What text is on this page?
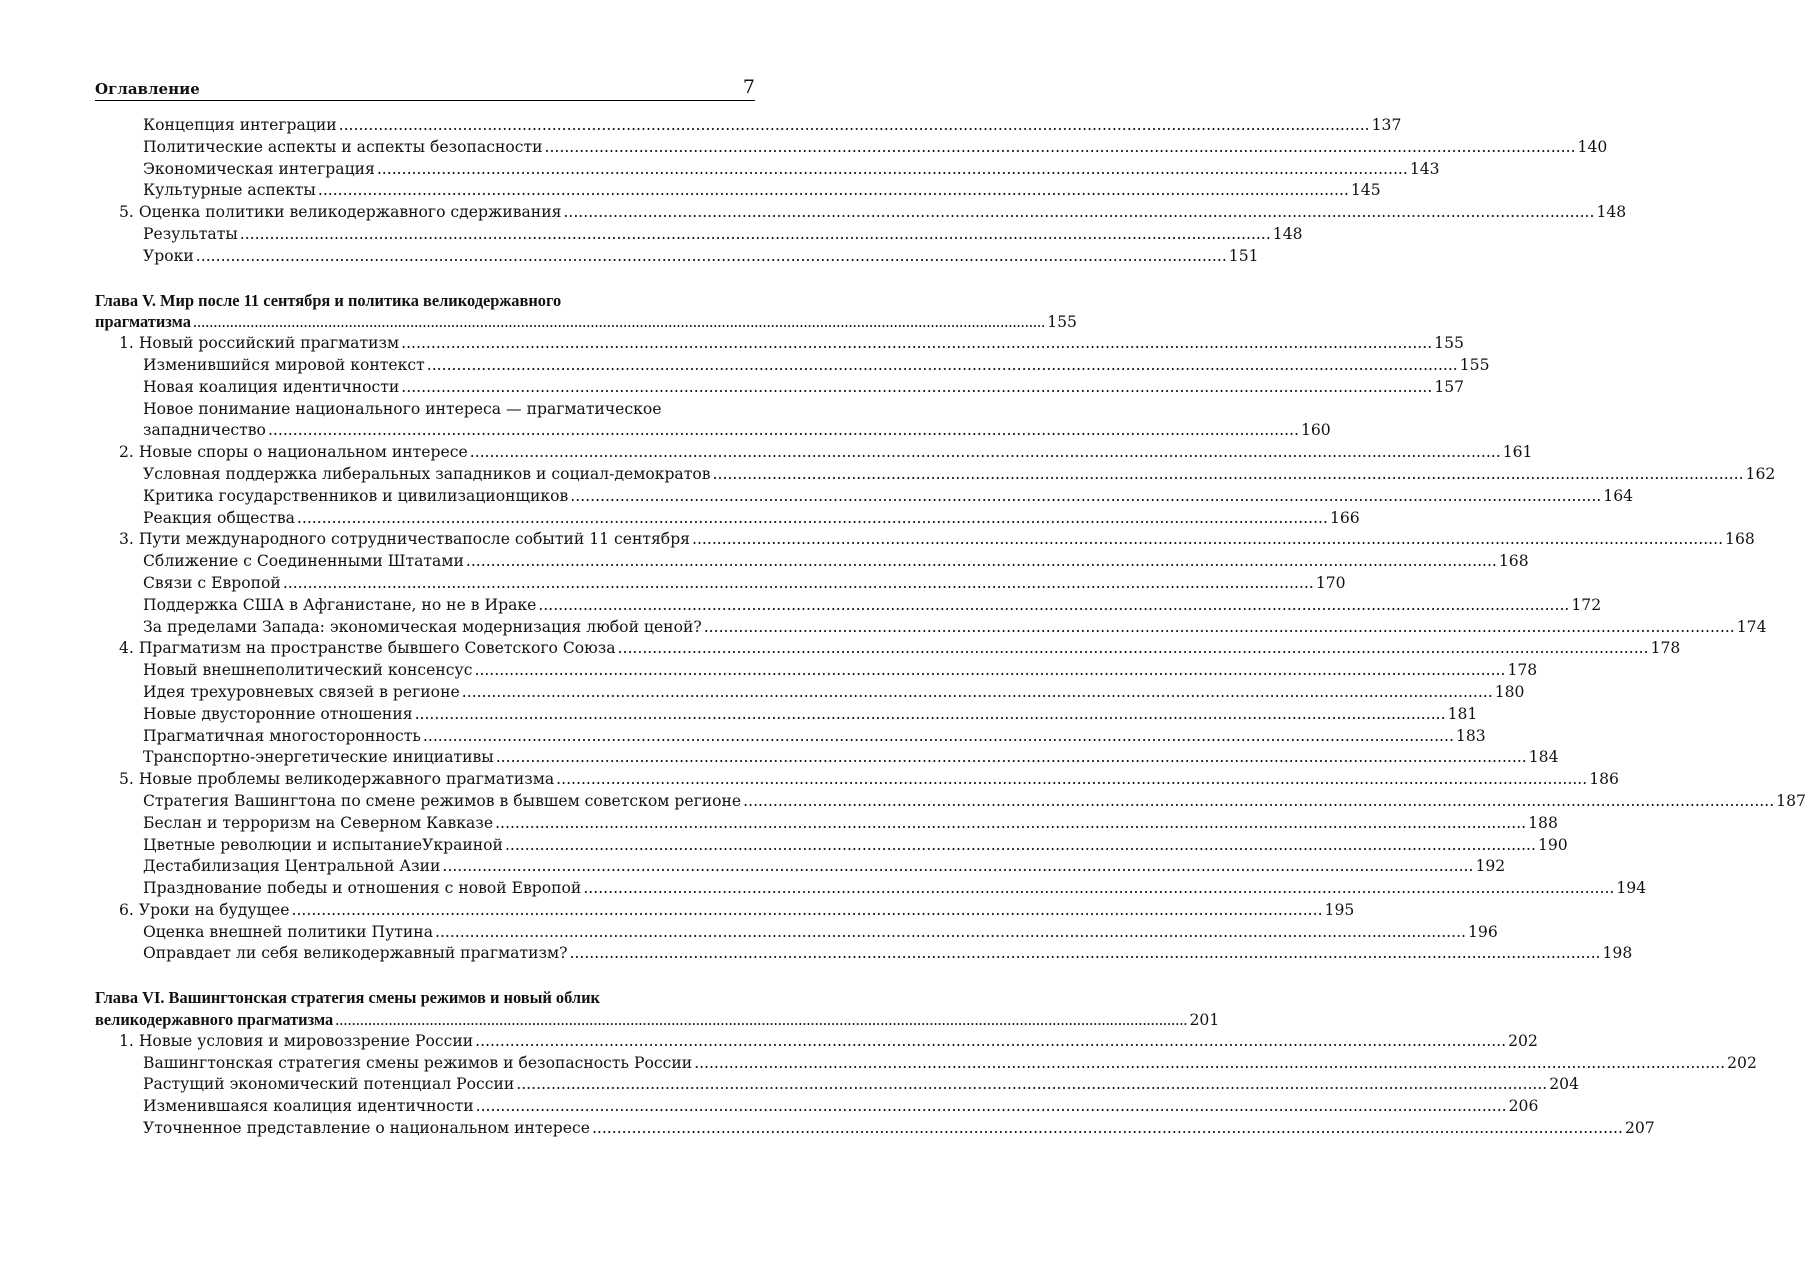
Оглавление	7
Концепция интеграции .....	137
Политические аспекты и аспекты безопасности .....	140
Экономическая интеграция .....	143
Культурные аспекты .....	145
5. Оценка политики великодержавного сдерживания .....	148
Результаты .....	148
Уроки .....	151
Глава V. Мир после 11 сентября и политика великодержавного
прагматизма .....	155
1. Новый российский прагматизм .....	155
Изменившийся мировой контекст .....	155
Новая коалиция идентичности .....	157
Новое понимание национального интереса — прагматическое
западничество .....	160
2. Новые споры о национальном интересе .....	161
Условная поддержка либеральных западников и социал-демократов .....	162
Критика государственников и цивилизационщиков .....	164
Реакция общества .....	166
3. Пути международного сотрудничествапосле событий 11 сентября .....	168
Сближение с Соединенными Штатами .....	168
Связи с Европой .....	170
Поддержка США в Афганистане, но не в Ираке .....	172
За пределами Запада: экономическая модернизация любой ценой? .....	174
4. Прагматизм на пространстве бывшего Советского Союза .....	178
Новый внешнеполитический консенсус .....	178
Идея трехуровневых связей в регионе .....	180
Новые двусторонние отношения .....	181
Прагматичная многосторонность .....	183
Транспортно-энергетические инициативы .....	184
5. Новые проблемы великодержавного прагматизма .....	186
Стратегия Вашингтона по смене режимов в бывшем советском регионе .....	187
Беслан и терроризм на Северном Кавказе .....	188
Цветные революции и испытаниеУкраиной .....	190
Дестабилизация Центральной Азии .....	192
Празднование победы и отношения с новой Европой .....	194
6. Уроки на будущее .....	195
Оценка внешней политики Путина .....	196
Оправдает ли себя великодержавный прагматизм? .....	198
Глава VI. Вашингтонская стратегия смены режимов и новый облик
великодержавного прагматизма .....	201
1. Новые условия и мировоззрение России .....	202
Вашингтонская стратегия смены режимов и безопасность России .....	202
Растущий экономический потенциал России .....	204
Изменившаяся коалиция идентичности .....	206
Уточненное представление о национальном интересе .....	207
